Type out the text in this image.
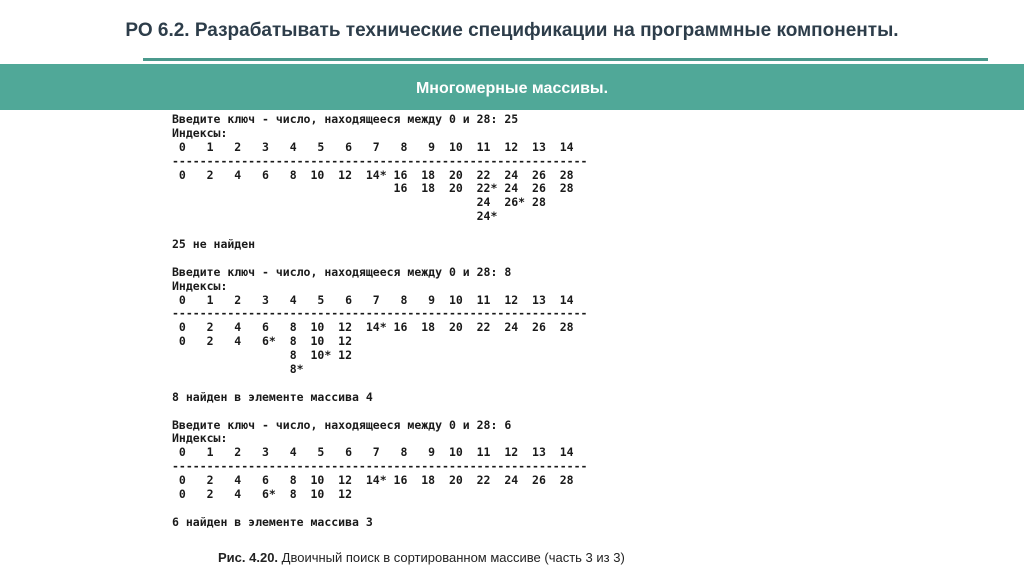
РО 6.2. Разрабатывать технические спецификации на программные компоненты.
Многомерные массивы.
Введите ключ - число, находящееся между 0 и 28: 25
Индексы:
0   1   2   3   4   5   6   7   8   9  10  11  12  13  14
------------------------------------------------------------
0   2   4   6   8  10  12  14* 16  18  20  22  24  26  28
16  18  20  22* 24  26  28
24  26* 28
24*
25 не найден
Введите ключ - число, находящееся между 0 и 28: 8
Индексы:
0   1   2   3   4   5   6   7   8   9  10  11  12  13  14
------------------------------------------------------------
0   2   4   6   8  10  12  14* 16  18  20  22  24  26  28
0   2   4   6*  8  10  12
8  10* 12
8*
8 найден в элементе массива 4
Введите ключ - число, находящееся между 0 и 28: 6
Индексы:
0   1   2   3   4   5   6   7   8   9  10  11  12  13  14
------------------------------------------------------------
0   2   4   6   8  10  12  14* 16  18  20  22  24  26  28
0   2   4   6*  8  10  12
6 найден в элементе массива 3
Рис. 4.20. Двоичный поиск в сортированном массиве (часть 3 из 3)
